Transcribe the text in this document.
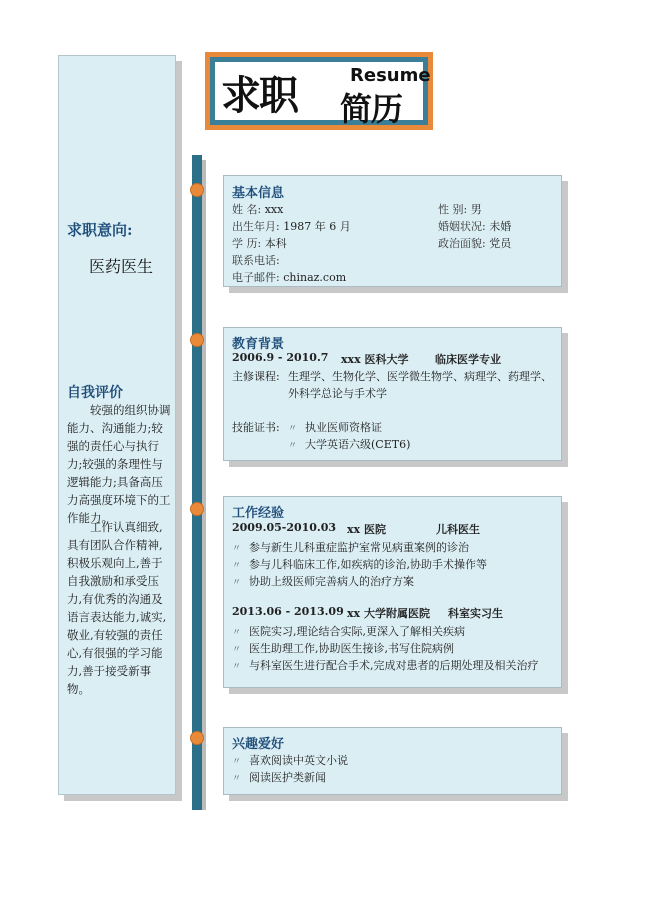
求职	Resume
简历
求职意向:
医药医生
自我评价
较强的组织协调能力、沟通能力;较强的责任心与执行力;较强的条理性与逻辑能力;具备高压力高强度环境下的工作能力。
工作认真细致,具有团队合作精神,积极乐观向上,善于自我激励和承受压力,有优秀的沟通及语言表达能力,诚实,敬业,有较强的责任心,有很强的学习能力,善于接受新事物。
基本信息
姓 名: xxx	性 别: 男
出生年月: 1987 年 6 月	婚姻状况: 未婚
学 历: 本科	政治面貌: 党员
联系电话:
电子邮件: chinaz.com
教育背景
2006.9 - 2010.7 xxx 医科大学 临床医学专业
主修课程: 生理学、生物化学、医学微生物学、病理学、药理学、
外科学总论与手术学
技能证书: 〃 执业医师资格证
〃 大学英语六级(CET6)
工作经验
2009.05-2010.03 xx 医院	儿科医生
〃 参与新生儿科重症监护室常见病重案例的诊治
〃 参与儿科临床工作,如疾病的诊治,协助手术操作等
〃 协助上级医师完善病人的治疗方案
2013.06 - 2013.09 xx 大学附属医院 科室实习生
〃 医院实习,理论结合实际,更深入了解相关疾病
〃 医生助理工作,协助医生接诊,书写住院病例
〃 与科室医生进行配合手术,完成对患者的后期处理及相关治疗
兴趣爱好
〃 喜欢阅读中英文小说
〃 阅读医护类新闻
